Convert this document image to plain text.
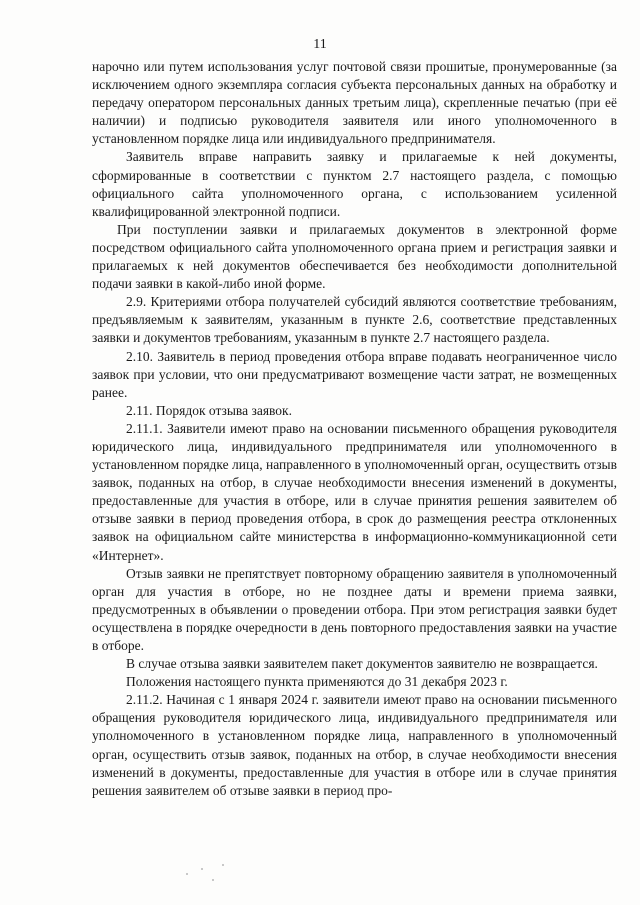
11

нарочно или путем использования услуг почтовой связи прошитые, пронумерованные (за исключением одного экземпляра согласия субъекта персональных данных на обработку и передачу оператором персональных данных третьим лица), скрепленные печатью (при её наличии) и подписью руководителя заявителя или иного уполномоченного в установленном порядке лица или индивидуального предпринимателя.

Заявитель вправе направить заявку и прилагаемые к ней документы, сформированные в соответствии с пунктом 2.7 настоящего раздела, с помощью официального сайта уполномоченного органа, с использованием усиленной квалифицированной электронной подписи.

При поступлении заявки и прилагаемых документов в электронной форме посредством официального сайта уполномоченного органа прием и регистрация заявки и прилагаемых к ней документов обеспечивается без необходимости дополнительной подачи заявки в какой-либо иной форме.

2.9. Критериями отбора получателей субсидий являются соответствие требованиям, предъявляемым к заявителям, указанным в пункте 2.6, соответствие представленных заявки и документов требованиям, указанным в пункте 2.7 настоящего раздела.

2.10. Заявитель в период проведения отбора вправе подавать неограниченное число заявок при условии, что они предусматривают возмещение части затрат, не возмещенных ранее.

2.11. Порядок отзыва заявок.

2.11.1. Заявители имеют право на основании письменного обращения руководителя юридического лица, индивидуального предпринимателя или уполномоченного в установленном порядке лица, направленного в уполномоченный орган, осуществить отзыв заявок, поданных на отбор, в случае необходимости внесения изменений в документы, предоставленные для участия в отборе, или в случае принятия решения заявителем об отзыве заявки в период проведения отбора, в срок до размещения реестра отклоненных заявок на официальном сайте министерства в информационно-коммуникационной сети «Интернет».

Отзыв заявки не препятствует повторному обращению заявителя в уполномоченный орган для участия в отборе, но не позднее даты и времени приема заявки, предусмотренных в объявлении о проведении отбора. При этом регистрация заявки будет осуществлена в порядке очередности в день повторного предоставления заявки на участие в отборе.

В случае отзыва заявки заявителем пакет документов заявителю не возвращается.

Положения настоящего пункта применяются до 31 декабря 2023 г.

2.11.2. Начиная с 1 января 2024 г. заявители имеют право на основании письменного обращения руководителя юридического лица, индивидуального предпринимателя или уполномоченного в установленном порядке лица, направленного в уполномоченный орган, осуществить отзыв заявок, поданных на отбор, в случае необходимости внесения изменений в документы, предоставленные для участия в отборе или в случае принятия решения заявителем об отзыве заявки в период про-
